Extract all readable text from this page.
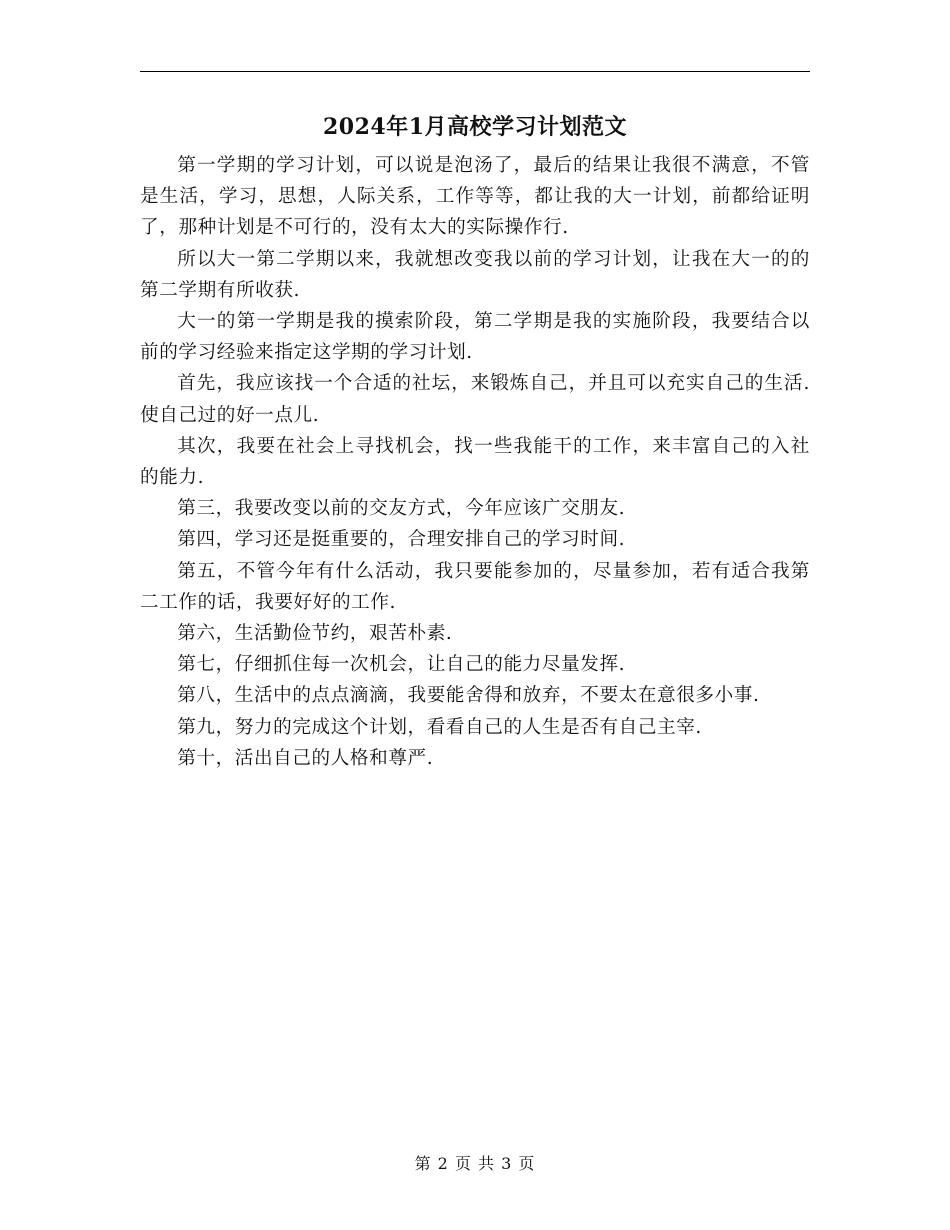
2024年1月高校学习计划范文

第一学期的学习计划，可以说是泡汤了，最后的结果让我很不满意，不管是生活，学习，思想，人际关系，工作等等，都让我的大一计划，前都给证明了，那种计划是不可行的，没有太大的实际操作行.

所以大一第二学期以来，我就想改变我以前的学习计划，让我在大一的的第二学期有所收获.

大一的第一学期是我的摸索阶段，第二学期是我的实施阶段，我要结合以前的学习经验来指定这学期的学习计划.

首先，我应该找一个合适的社坛，来锻炼自己，并且可以充实自己的生活.使自己过的好一点儿.

其次，我要在社会上寻找机会，找一些我能干的工作，来丰富自己的入社的能力.

第三，我要改变以前的交友方式，今年应该广交朋友.

第四，学习还是挺重要的，合理安排自己的学习时间.

第五，不管今年有什么活动，我只要能参加的，尽量参加，若有适合我第二工作的话，我要好好的工作.

第六，生活勤俭节约，艰苦朴素.

第七，仔细抓住每一次机会，让自己的能力尽量发挥.

第八，生活中的点点滴滴，我要能舍得和放弃，不要太在意很多小事.

第九，努力的完成这个计划，看看自己的人生是否有自己主宰.

第十，活出自己的人格和尊严.

第 2 页 共 3 页
